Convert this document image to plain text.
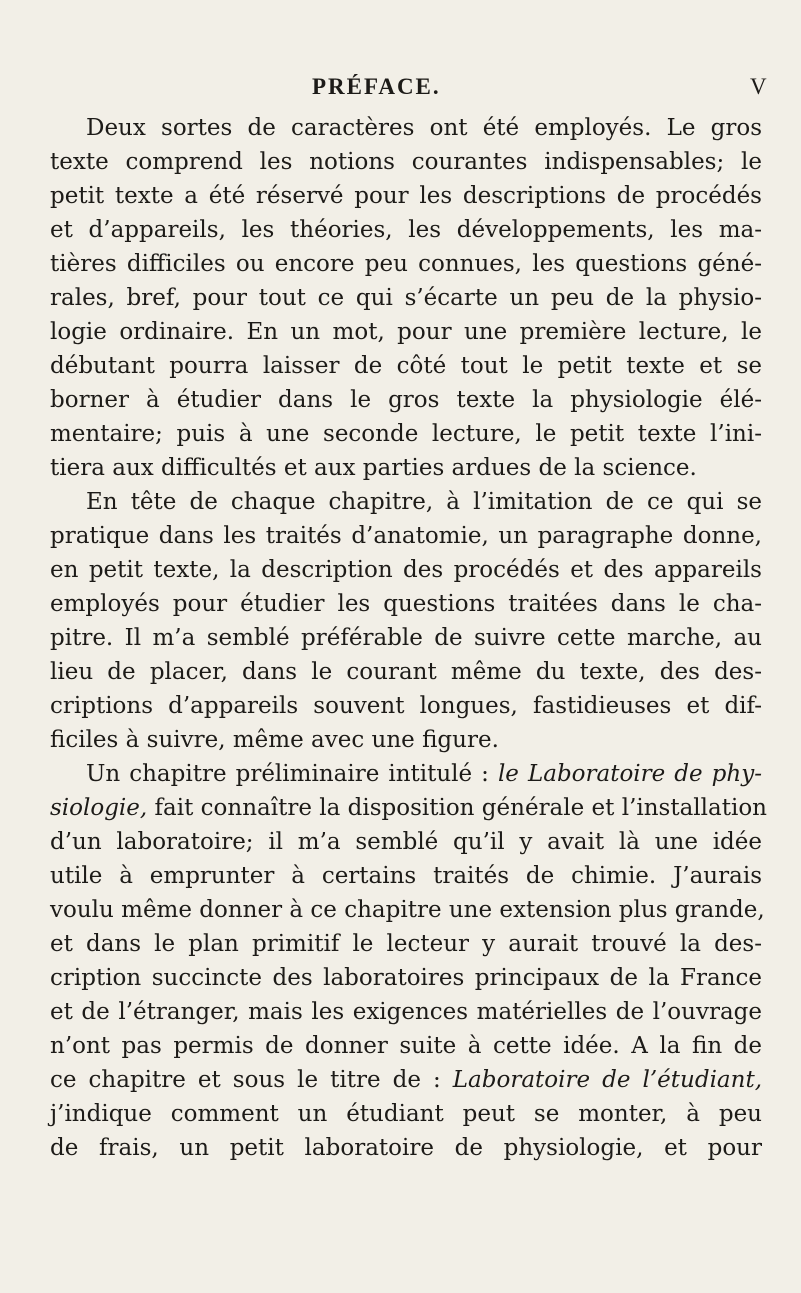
PRÉFACE.	V
Deux sortes de caractères ont été employés. Le gros
texte comprend les notions courantes indispensables; le
petit texte a été réservé pour les descriptions de procédés
et d’appareils, les théories, les développements, les ma-
tières difficiles ou encore peu connues, les questions géné-
rales, bref, pour tout ce qui s’écarte un peu de la physio-
logie ordinaire. En un mot, pour une première lecture, le
débutant pourra laisser de côté tout le petit texte et se
borner à étudier dans le gros texte la physiologie élé-
mentaire; puis à une seconde lecture, le petit texte l’ini-
tiera aux difficultés et aux parties ardues de la science.
En tête de chaque chapitre, à l’imitation de ce qui se
pratique dans les traités d’anatomie, un paragraphe donne,
en petit texte, la description des procédés et des appareils
employés pour étudier les questions traitées dans le cha-
pitre. Il m’a semblé préférable de suivre cette marche, au
lieu de placer, dans le courant même du texte, des des-
criptions d’appareils souvent longues, fastidieuses et dif-
ficiles à suivre, même avec une figure.
Un chapitre préliminaire intitulé : le Laboratoire de phy-
siologie, fait connaître la disposition générale et l’installation
d’un laboratoire; il m’a semblé qu’il y avait là une idée
utile à emprunter à certains traités de chimie. J’aurais
voulu même donner à ce chapitre une extension plus grande,
et dans le plan primitif le lecteur y aurait trouvé la des-
cription succincte des laboratoires principaux de la France
et de l’étranger, mais les exigences matérielles de l’ouvrage
n’ont pas permis de donner suite à cette idée. A la fin de
ce chapitre et sous le titre de : Laboratoire de l’étudiant,
j’indique comment un étudiant peut se monter, à peu
de frais, un petit laboratoire de physiologie, et pour
